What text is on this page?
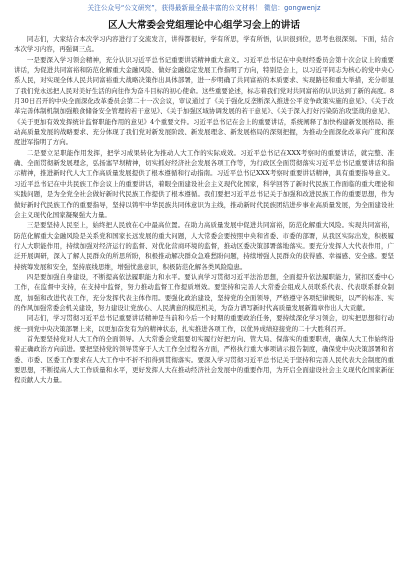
关注公众号“公文研究”，获得最新最全最丰富的公文材料！ 微信：gongwenjz
区人大常委会党组理论中心组学习会上的讲话

同志们，大家结合本次学习内容进行了交流发言，讲得都很好，学有所思，学有所悟，认识很到位，思考也很深刻。下面，结合本次学习内容，再强调三点。

一是要深入学习领会精神，充分认识习近平总书记重要讲话精神重大意义。习近平总书记在中央财经委员会第十次会议上的重要讲话，为促进共同富裕和防范化解重大金融风险、做好金融稳定发展工作指明了方向，特别是会上，以习近平同志为核心的党中央心系人民，对实现全体人民共同富裕重大战略决策作出具体部署，进一步明确了共同富裕的本质要求、实现路径和重大举措，充分彰显了我们党永远把人民对美好生活的向往作为奋斗目标的初心使命。这些重要论述，标志着我们党对共同富裕的认识达到了新的高度。8月30日召开的中央全面深化改革委员会第二十一次会议，审议通过了《关于强化反垄断深入推进公平竞争政策实施的意见》、《关于改革完善体制机制加强粮食储备安全管理的若干意见》、《关于加强区域协调发展的若干意见》、《关于深入打好污染防治攻坚战的意见》、《关于更加有效发挥统计监督职能作用的意见》4个重要文件。习近平总书记在会上的重要讲话，系统阐释了加快构建新发展格局、推动高质量发展的战略要求、充分体现了我们党对新发展阶段、新发展理念、新发展格局的深刻把握，为推动全面深化改革向广度和深度进军指明了方向。

二是要立足职能作用发挥，把学习成果转化为推动人大工作的实际成效。习近平总书记在XXX考察时的重要讲话，就完整、准确、全面贯彻新发展理念，弘扬塞罕坝精神，切实抓好经济社会发展各项工作等，为行政区全面贯彻落实习近平总书记重要讲话和指示精神，推进新时代人大工作高质量发展提供了根本遵循和行动指南。习近平总书记XXX考察时重要讲话精神，具有重要指导意义。习近平总书记在中共民族工作会议上的重要讲话，着眼全面建设社会主义现代化国家，科学回答了新时代民族工作面临的重大理论和实践问题，是为全党全社会做好新时代民族工作提供了根本遵循。我们要把习近平总书记关于加强和改进民族工作的重要思想，作为做好新时代民族工作的重要指导，坚持以铸牢中华民族共同体意识为主线，推动新时代民族团结进步事业高质量发展，为全面建设社会主义现代化国家凝聚强大力量。

三是要坚持人民至上，始终把人民放在心中最高位置。在助力高质量发展中促进共同富裕，防范化解重大风险。实现共同富裕，防范化解重大金融风险是关系党和国家长远发展的重大问题，人大常委会要按照中央和省委、市委的部署，从我区实际出发，积极履行人大职能作用，持续加强对经济运行的监督、对优化营商环境的监督，推动区委决策部署落地落实。要充分发挥人大代表作用，广泛开展调研，深入了解人民群众的所思所盼，积极推动解决群众急难愁盼问题，持续增强人民群众的获得感、幸福感、安全感。要坚持统筹发展和安全，坚持底线思维，增强忧患意识，积极防范化解各类风险隐患。

四是要加强自身建设，不断提高依法履职能力和水平。要认真学习贯彻习近平法治思想，全面提升依法履职能力，紧扣区委中心工作，在监督中支持，在支持中监督，努力推动监督工作提质增效。要坚持和完善人大常委会组成人员联系代表、代表联系群众制度，加强和改进代表工作，充分发挥代表主体作用。要强化政治建设，坚持党的全面领导，严格遵守各项纪律规矩，以严的标准、实的作风加强常委会机关建设，努力建设让党放心、人民满意的模范机关，为奋力谱写新时代高质量发展新篇章作出人大贡献。

同志们，学习贯彻习近平总书记重要讲话精神是当前和今后一个时期的重要政治任务，要持续深化学习领会，切实把思想和行动统一到党中央决策部署上来，以更加奋发有为的精神状态，扎实推进各项工作，以优异成绩迎接党的二十大胜利召开。

首先要坚持党对人大工作的全面领导。人大常委会党组要切实履行好把方向、管大局、保落实的重要职责，确保人大工作始终沿着正确政治方向前进。要把坚持党的领导贯穿于人大工作全过程各方面，严格执行重大事项请示报告制度，确保党中央决策部署和省委、市委、区委工作要求在人大工作中不折不扣得到贯彻落实。要深入学习贯彻习近平总书记关于坚持和完善人民代表大会制度的重要思想，不断提高人大工作质量和水平，更好发挥人大在推动经济社会发展中的重要作用，为开启全面建设社会主义现代化国家新征程贡献人大力量。
